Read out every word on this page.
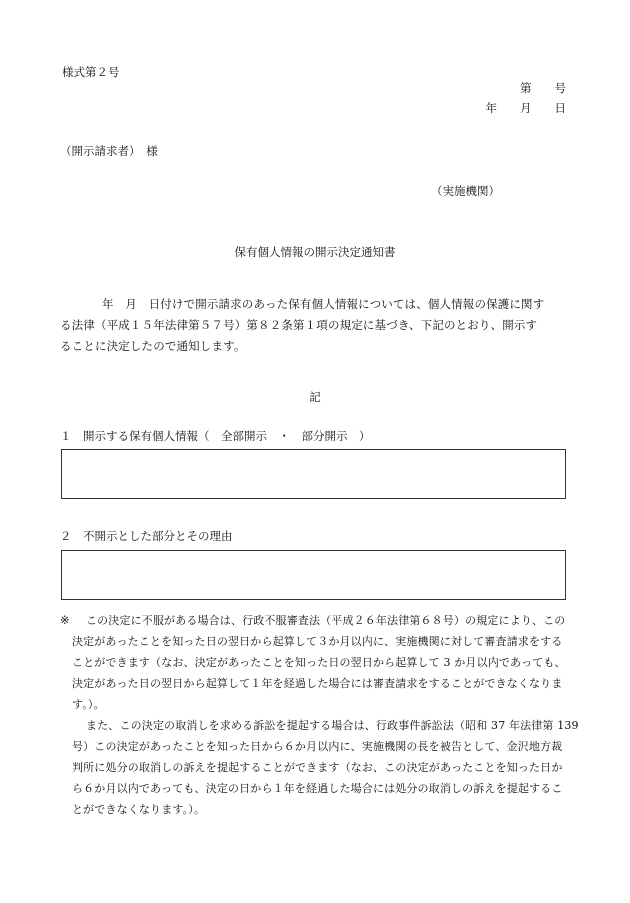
様式第２号
第　　号
年　　月　　日
（開示請求者）　様
（実施機関）
保有個人情報の開示決定通知書
年　月　日付けで開示請求のあった保有個人情報については、個人情報の保護に関す
る法律（平成１５年法律第５７号）第８２条第１項の規定に基づき、下記のとおり、開示す
ることに決定したので通知します。
記
１　開示する保有個人情報（　全部開示　・　部分開示　）
２　不開示とした部分とその理由
※	この決定に不服がある場合は、行政不服審査法（平成２６年法律第６８号）の規定により、この
決定があったことを知った日の翌日から起算して３か月以内に、実施機関に対して審査請求をする
ことができます（なお、決定があったことを知った日の翌日から起算して 3 か月以内であっても、
決定があった日の翌日から起算して１年を経過した場合には審査請求をすることができなくなりま
す。）。
また、この決定の取消しを求める訴訟を提起する場合は、行政事件訴訟法（昭和 37 年法律第 139
号）この決定があったことを知った日から６か月以内に、実施機関の長を被告として、金沢地方裁
判所に処分の取消しの訴えを提起することができます（なお、この決定があったことを知った日か
ら６か月以内であっても、決定の日から１年を経過した場合には処分の取消しの訴えを提起するこ
とができなくなります。）。
